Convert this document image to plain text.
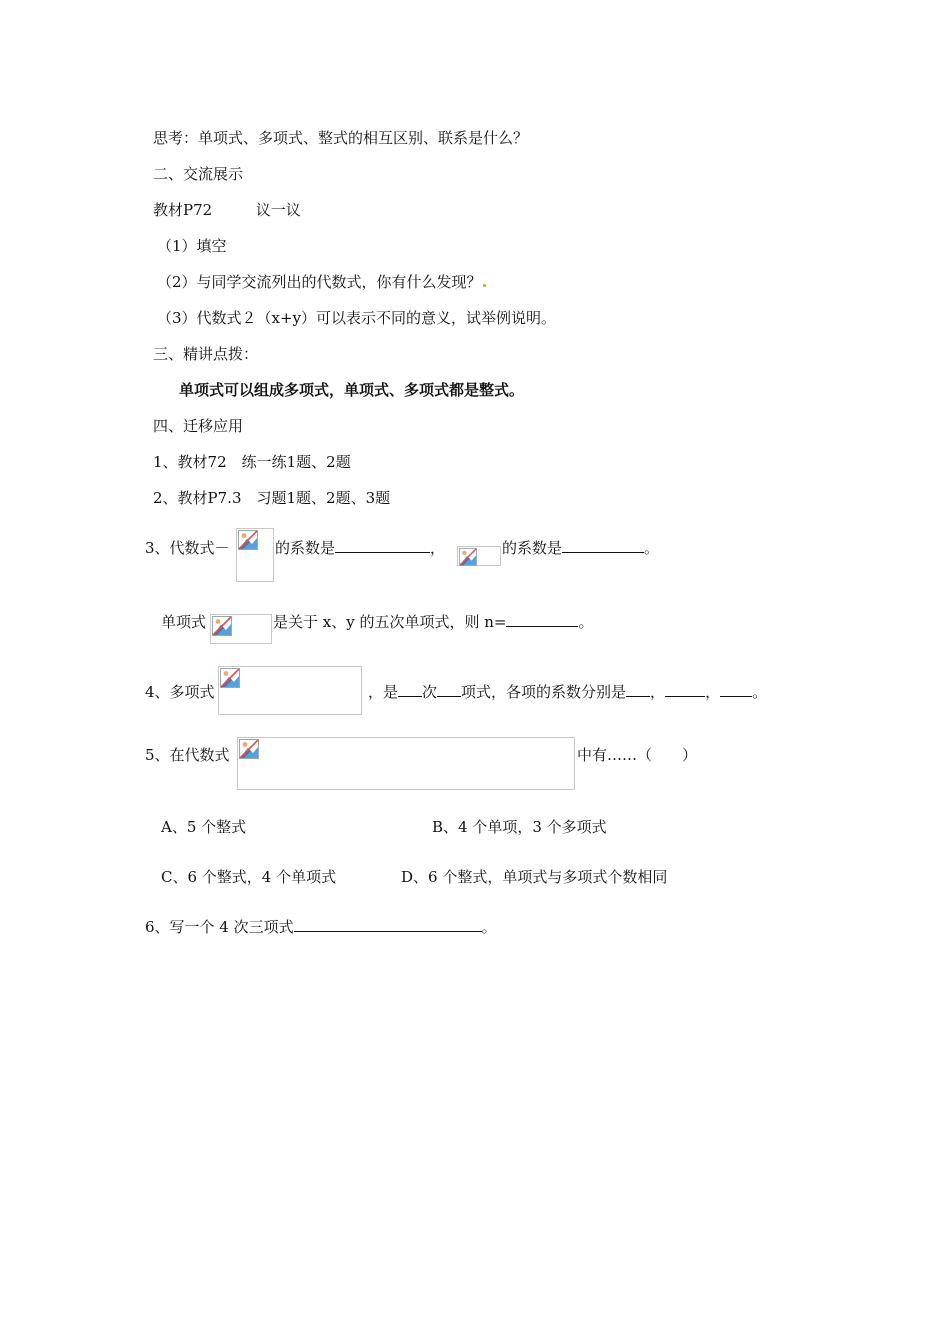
思考：单项式、多项式、整式的相互区别、联系是什么？
二、交流展示
教材P72	议一议
（1）填空
（2）与同学交流列出的代数式，你有什么发现？
（3）代数式２（x+y）可以表示不同的意义，试举例说明。
三、精讲点拨：
单项式可以组成多项式，单项式、多项式都是整式。
四、迁移应用
1、教材72　练一练1题、2题
2、教材P7.3　习题1题、2题、3题
3、代数式－	的系数是	，	的系数是	。
单项式	是关于 x、y 的五次单项式，则 n=	。
4、多项式	，是 次 项式，各项的系数分别是 ，	， 。
5、在代数式	中有……（　　）
A、5 个整式	B、4 个单项，3 个多项式
C、6 个整式，4 个单项式	D、6 个整式，单项式与多项式个数相同
6、写一个 4 次三项式	。
